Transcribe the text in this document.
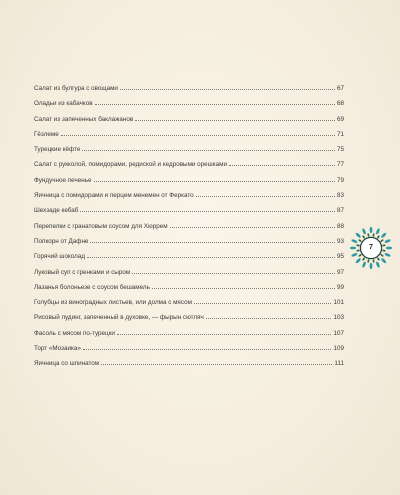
Салат из булгура с овощами	67
Оладьи из кабачков	68
Салат из запеченных баклажанов	69
Гёзлеме	71
Турецкие кёфте	75
Салат с рукколой, помидорами, редиской и кедровыми орешками	77
Фундучное печенье	79
Яичница с помидорами и перцем менемен от Феркато	83
Шехзаде кебаб	87
Перепелки с гранатовым соусом для Хюррем	88
Попкорн от Дафне	93
Горячий шоколад	95
Луковый суп с гренками и сыром	97
Лазанья болоньезе с соусом бешамель	99
Голубцы из виноградных листьев, или долма с мясом	101
Рисовый пудинг, запеченный в духовке, — фырын сютляч	103
Фасоль с мясом по-турецки	107
Торт «Мозаика»	109
Яичница со шпинатом	111
7
